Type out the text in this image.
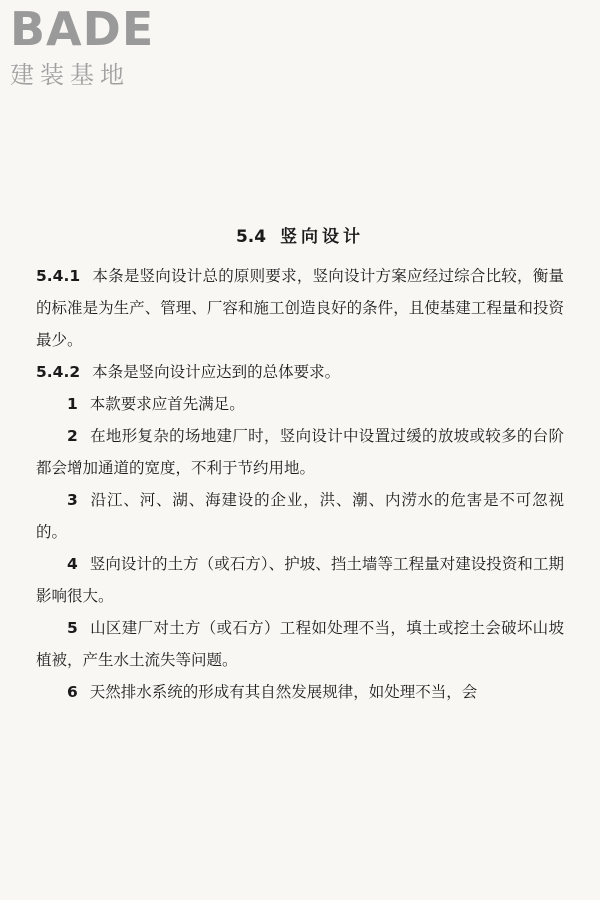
BADE
建装基地
5.4 竖向设计

5.4.1 本条是竖向设计总的原则要求，竖向设计方案应经过综合比较，衡量的标准是为生产、管理、厂容和施工创造良好的条件，且使基建工程量和投资最少。

5.4.2 本条是竖向设计应达到的总体要求。

1 本款要求应首先满足。

2 在地形复杂的场地建厂时，竖向设计中设置过缓的放坡或较多的台阶都会增加通道的宽度，不利于节约用地。

3 沿江、河、湖、海建设的企业，洪、潮、内涝水的危害是不可忽视的。

4 竖向设计的土方（或石方）、护坡、挡土墙等工程量对建设投资和工期影响很大。

5 山区建厂对土方（或石方）工程如处理不当，填土或挖土会破坏山坡植被，产生水土流失等问题。

6 天然排水系统的形成有其自然发展规律，如处理不当，会
